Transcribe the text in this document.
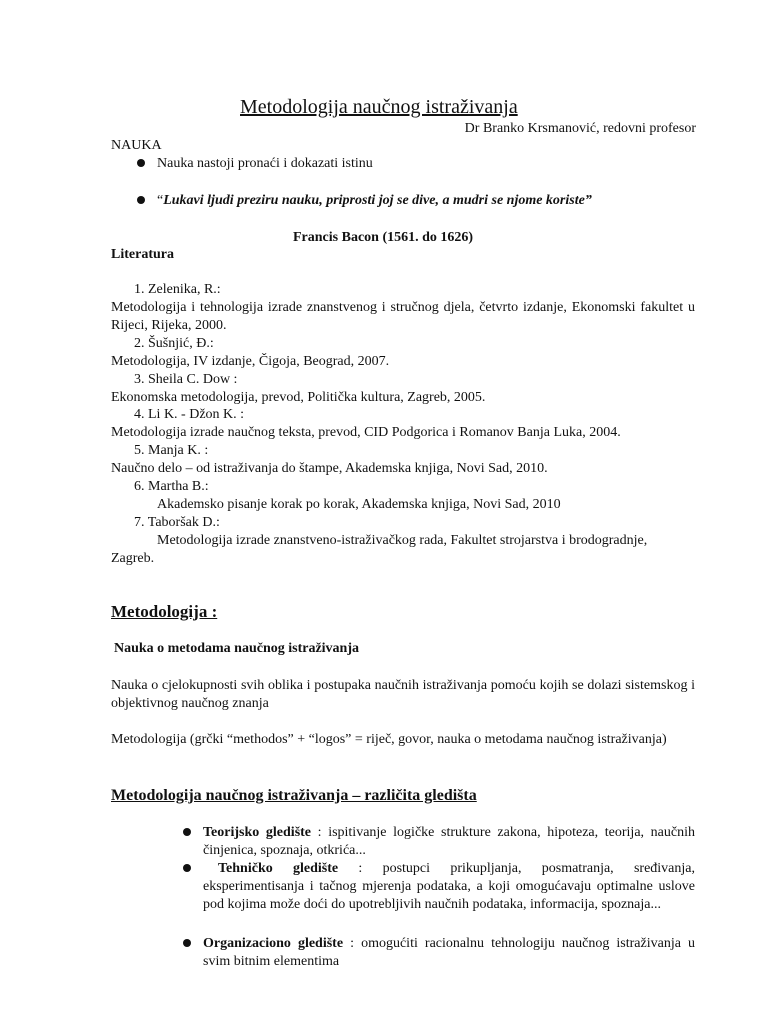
Metodologija naučnog istraživanja
Dr Branko Krsmanović, redovni profesor
NAUKA
Nauka nastoji pronaći i dokazati istinu
“Lukavi ljudi preziru nauku, priprosti joj se dive, a mudri se njome koriste”
Francis Bacon (1561. do 1626)
Literatura
1. Zelenika, R.:
Metodologija i tehnologija izrade znanstvenog i stručnog djela, četvrto izdanje, Ekonomski fakultet u Rijeci, Rijeka, 2000.
2. Šušnjić, Đ.:
Metodologija, IV izdanje, Čigoja, Beograd, 2007.
3. Sheila C. Dow :
Ekonomska metodologija, prevod, Politička kultura, Zagreb, 2005.
4. Li K. - Džon K. :
Metodologija izrade naučnog teksta, prevod, CID Podgorica i Romanov Banja Luka, 2004.
5. Manja K. :
Naučno delo – od istraživanja do štampe, Akademska knjiga, Novi Sad, 2010.
6. Martha B.:
Akademsko pisanje korak po korak, Akademska knjiga, Novi Sad, 2010
7. Taboršak D.:
Metodologija izrade znanstveno-istraživačkog rada, Fakultet strojarstva i brodogradnje,
Zagreb.
Metodologija :
Nauka o metodama naučnog istraživanja
Nauka o cjelokupnosti svih oblika i postupaka naučnih istraživanja pomoću kojih se dolazi sistemskog i objektivnog naučnog znanja
Metodologija (grčki “methodos” + “logos” = riječ, govor, nauka o metodama naučnog istraživanja)
Metodologija naučnog istraživanja – različita gledišta
Teorijsko gledište : ispitivanje logičke strukture zakona, hipoteza, teorija, naučnih činjenica, spoznaja, otkrića...
Tehničko gledište : postupci prikupljanja, posmatranja, sređivanja, eksperimentisanja i tačnog mjerenja podataka, a koji omogućavaju optimalne uslove pod kojima može doći do upotrebljivih naučnih podataka, informacija, spoznaja...
Organizaciono gledište : omogućiti racionalnu tehnologiju naučnog istraživanja u svim bitnim elementima
